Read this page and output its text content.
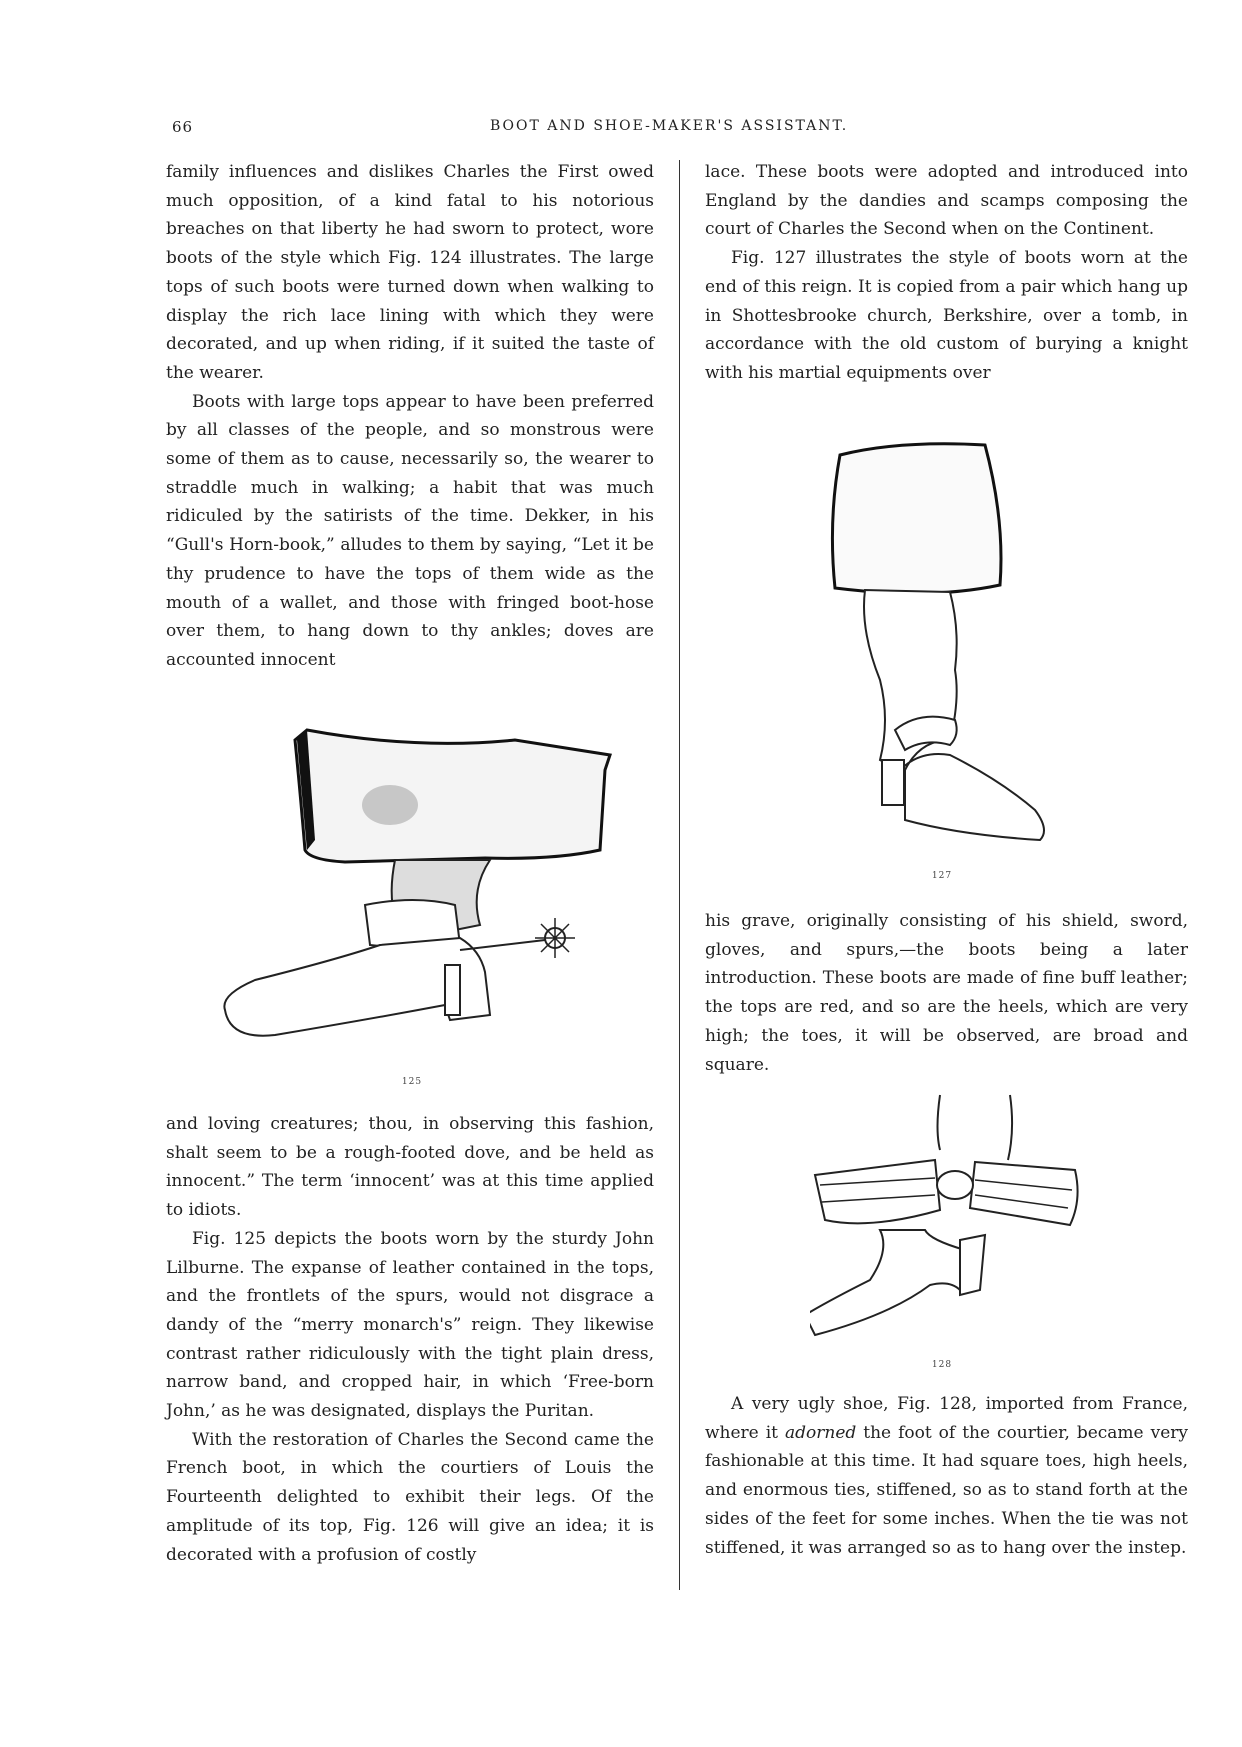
66	BOOT AND SHOE-MAKER'S ASSISTANT.

family influences and dislikes Charles the First owed much opposition, of a kind fatal to his notorious breaches on that liberty he had sworn to protect, wore boots of the style which Fig. 124 illustrates. The large tops of such boots were turned down when walking to display the rich lace lining with which they were decorated, and up when riding, if it suited the taste of the wearer.

Boots with large tops appear to have been preferred by all classes of the people, and so monstrous were some of them as to cause, necessarily so, the wearer to straddle much in walking; a habit that was much ridiculed by the satirists of the time. Dekker, in his “Gull's Horn-book,” alludes to them by saying, “Let it be thy prudence to have the tops of them wide as the mouth of a wallet, and those with fringed boot-hose over them, to hang down to thy ankles; doves are accounted innocent

125

and loving creatures; thou, in observing this fashion, shalt seem to be a rough-footed dove, and be held as innocent.” The term ‘innocent’ was at this time applied to idiots.

Fig. 125 depicts the boots worn by the sturdy John Lilburne. The expanse of leather contained in the tops, and the frontlets of the spurs, would not disgrace a dandy of the “merry monarch's” reign. They likewise contrast rather ridiculously with the tight plain dress, narrow band, and cropped hair, in which ‘Free-born John,’ as he was designated, displays the Puritan.

With the restoration of Charles the Second came the French boot, in which the courtiers of Louis the Fourteenth delighted to exhibit their legs. Of the amplitude of its top, Fig. 126 will give an idea; it is decorated with a profusion of costly

lace. These boots were adopted and introduced into England by the dandies and scamps composing the court of Charles the Second when on the Continent.

Fig. 127 illustrates the style of boots worn at the end of this reign. It is copied from a pair which hang up in Shottesbrooke church, Berkshire, over a tomb, in accordance with the old custom of burying a knight with his martial equipments over

127

his grave, originally consisting of his shield, sword, gloves, and spurs,—the boots being a later introduction. These boots are made of fine buff leather; the tops are red, and so are the heels, which are very high; the toes, it will be observed, are broad and square.

128

A very ugly shoe, Fig. 128, imported from France, where it adorned the foot of the courtier, became very fashionable at this time. It had square toes, high heels, and enormous ties, stiffened, so as to stand forth at the sides of the feet for some inches. When the tie was not stiffened, it was arranged so as to hang over the instep.
